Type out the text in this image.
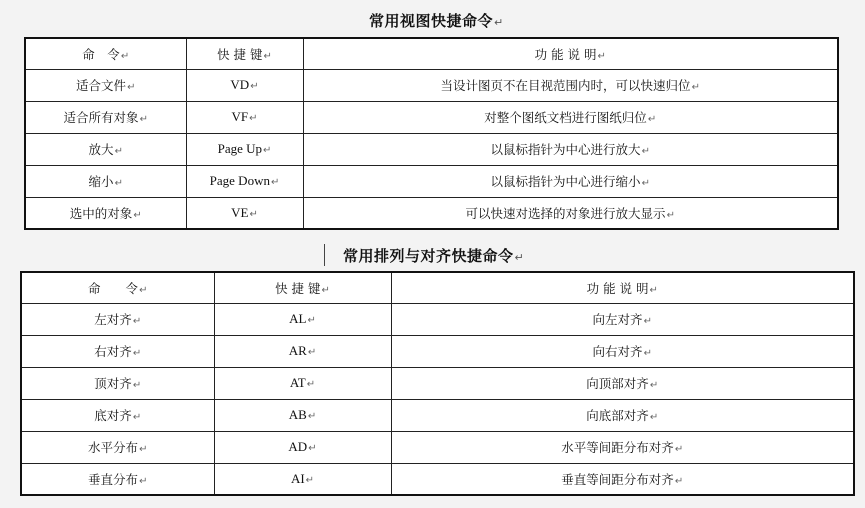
常用视图快捷命令↵
命　令↵	快 捷 键↵	功 能 说 明↵
适合文件↵	VD↵	当设计图页不在目视范围内时，可以快速归位↵
适合所有对象↵	VF↵	对整个图纸文档进行图纸归位↵
放大↵	Page Up↵	以鼠标指针为中心进行放大↵
缩小↵	Page Down↵	以鼠标指针为中心进行缩小↵
选中的对象↵	VE↵	可以快速对选择的对象进行放大显示↵
常用排列与对齐快捷命令↵
命　　令↵	快 捷 键↵	功 能 说 明↵
左对齐↵	AL↵	向左对齐↵
右对齐↵	AR↵	向右对齐↵
顶对齐↵	AT↵	向顶部对齐↵
底对齐↵	AB↵	向底部对齐↵
水平分布↵	AD↵	水平等间距分布对齐↵
垂直分布↵	AI↵	垂直等间距分布对齐↵
